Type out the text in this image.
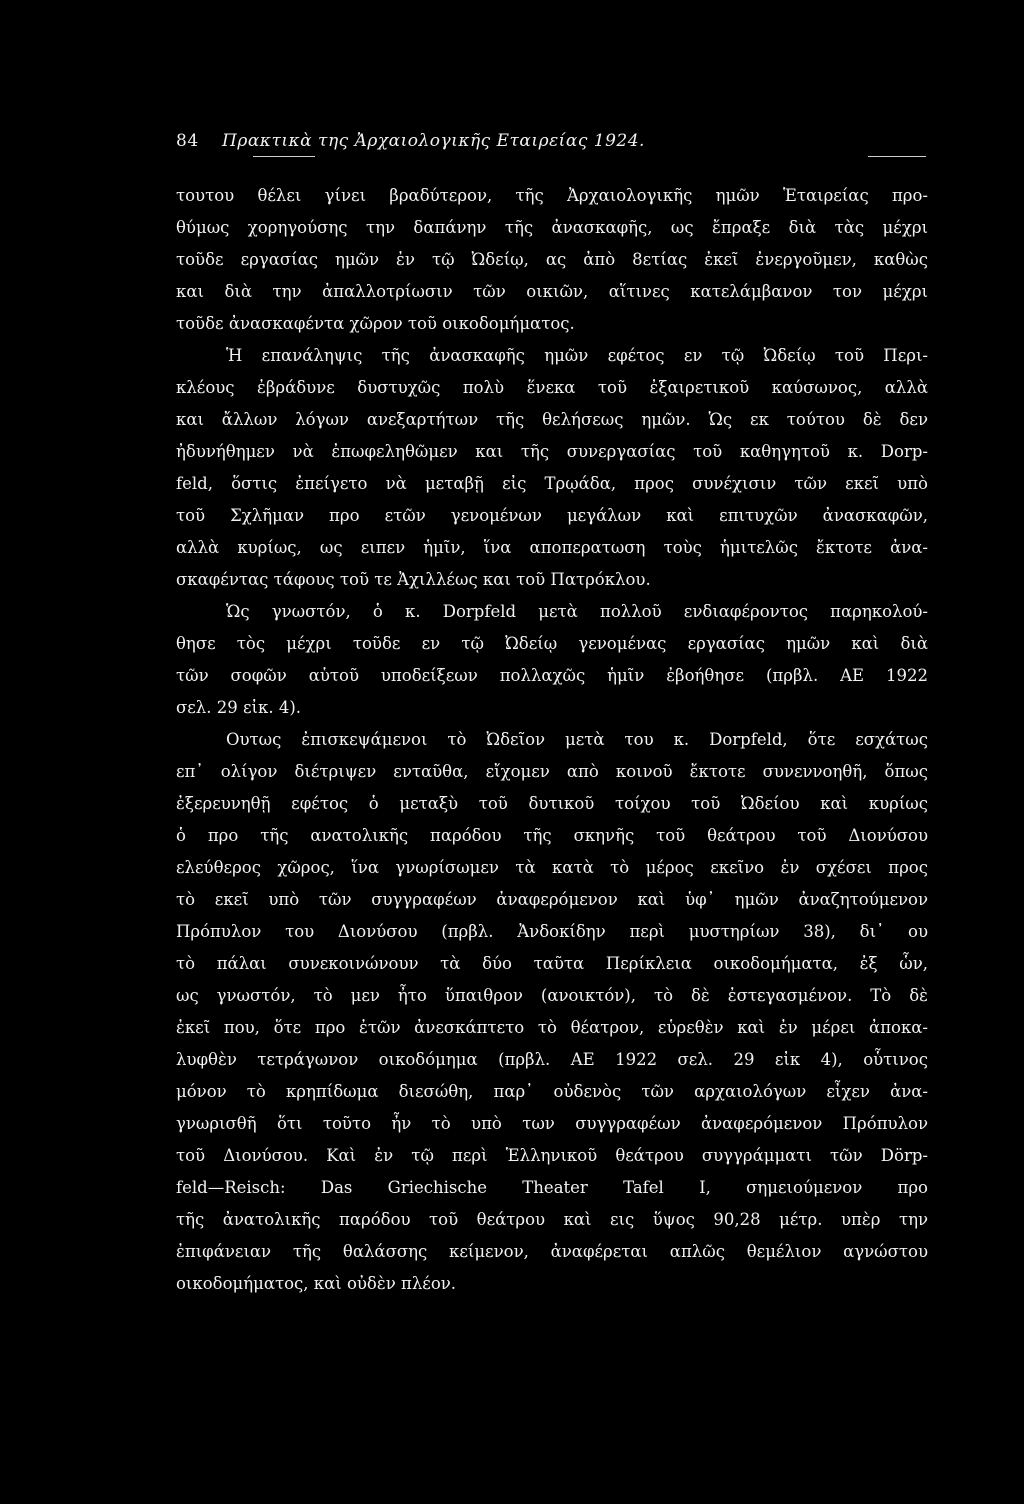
84 Πρακτικὰ της Ἀρχαιολογικῆς Εταιρείας 1924.
τουτου θέλει γίνει βραδύτερον, τῆς Ἀρχαιολογικῆς ημῶν Ἑταιρείας προ-
θύμως χορηγούσης την δαπάνην τῆς ἀνασκαφῆς, ως ἔπραξε διὰ τὰς μέχρι
τοῦδε εργασίας ημῶν ἐν τῷ Ὠδείῳ, ας ἀπὸ 8ετίας ἐκεῖ ἐνεργοῦμεν, καθὼς
και διὰ την ἀπαλλοτρίωσιν τῶν οικιῶν, αἵτινες κατελάμβανον τον μέχρι
τοῦδε ἀνασκαφέντα χῶρον τοῦ οικοδομήματος.
Ἡ επανάληψις τῆς ἀνασκαφῆς ημῶν εφέτος εν τῷ Ὠδείῳ τοῦ Περι-
κλέους ἐβράδυνε δυστυχῶς πολὺ ἕνεκα τοῦ ἐξαιρετικοῦ καύσωνος, αλλὰ
και ἄλλων λόγων ανεξαρτήτων τῆς θελήσεως ημῶν. Ὡς εκ τούτου δὲ δεν
ἠδυνήθημεν νὰ ἐπωφεληθῶμεν και τῆς συνεργασίας τοῦ καθηγητοῦ κ. Dorp-
feld, ὅστις ἐπείγετο νὰ μεταβῇ εἰς Τρῳάδα, προς συνέχισιν τῶν εκεῖ υπὸ
τοῦ Σχλῆμαν προ ετῶν γενομένων μεγάλων καὶ επιτυχῶν ἀνασκαφῶν,
αλλὰ κυρίως, ως ειπεν ἡμῖν, ἵνα αποπερατωση τοὺς ἡμιτελῶς ἔκτοτε ἀνα-
σκαφέντας τάφους τοῦ τε Ἀχιλλέως και τοῦ Πατρόκλου.
Ὡς γνωστόν, ὁ κ. Dorpfeld μετὰ πολλοῦ ενδιαφέροντος παρηκολού-
θησε τὸς μέχρι τοῦδε εν τῷ Ὠδείῳ γενομένας εργασίας ημῶν καὶ διὰ
τῶν σοφῶν αὑτοῦ υποδείξεων πολλαχῶς ἡμῖν ἐβοήθησε (πρβλ. ΑΕ 1922
σελ. 29 εἰκ. 4).
Ουτως ἐπισκεψάμενοι τὸ Ὠδεῖον μετὰ του κ. Dorpfeld, ὅτε εσχάτως
επ᾽ ολίγον διέτριψεν ενταῦθα, εἴχομεν απὸ κοινοῦ ἔκτοτε συνεννοηθῆ, ὅπως
ἐξερευνηθῇ εφέτος ὁ μεταξὺ τοῦ δυτικοῦ τοίχου τοῦ Ὠδείου καὶ κυρίως
ὁ προ τῆς ανατολικῆς παρόδου τῆς σκηνῆς τοῦ θεάτρου τοῦ Διονύσου
ελεύθερος χῶρος, ἵνα γνωρίσωμεν τὰ κατὰ τὸ μέρος εκεῖνο ἐν σχέσει προς
τὸ εκεῖ υπὸ τῶν συγγραφέων ἀναφερόμενον καὶ ὑφ᾽ ημῶν ἀναζητούμενον
Πρόπυλον του Διονύσου (πρβλ. Ἀνδοκίδην περὶ μυστηρίων 38), δι᾽ ου
τὸ πάλαι συνεκοινώνουν τὰ δύο ταῦτα Περίκλεια οικοδομήματα, ἐξ ὧν,
ως γνωστόν, τὸ μεν ἦτο ὕπαιθρον (ανοικτόν), τὸ δὲ ἐστεγασμένον. Τὸ δὲ
ἐκεῖ που, ὅτε προ ἐτῶν ἀνεσκάπτετο τὸ θέατρον, εὑρεθὲν καὶ ἐν μέρει ἀποκα-
λυφθὲν τετράγωνον οικοδόμημα (πρβλ. ΑΕ 1922 σελ. 29 εἰκ 4), οὗτινος
μόνον τὸ κρηπίδωμα διεσώθη, παρ᾽ οὐδενὸς τῶν αρχαιολόγων εἶχεν ἀνα-
γνωρισθῆ ὅτι τοῦτο ἦν τὸ υπὸ των συγγραφέων ἀναφερόμενον Πρόπυλον
τοῦ Διονύσου. Καὶ ἐν τῷ περὶ Ἑλληνικοῦ θεάτρου συγγράμματι τῶν Dörp-
feld—Reisch: Das Griechische Theater Tafel I, σημειούμενον προ
τῆς ἀνατολικῆς παρόδου τοῦ θεάτρου καὶ εις ὕψος 90,28 μέτρ. υπὲρ την
ἐπιφάνειαν τῆς θαλάσσης κείμενον, ἀναφέρεται απλῶς θεμέλιον αγνώστου
οικοδομήματος, καὶ οὐδὲν πλέον.
